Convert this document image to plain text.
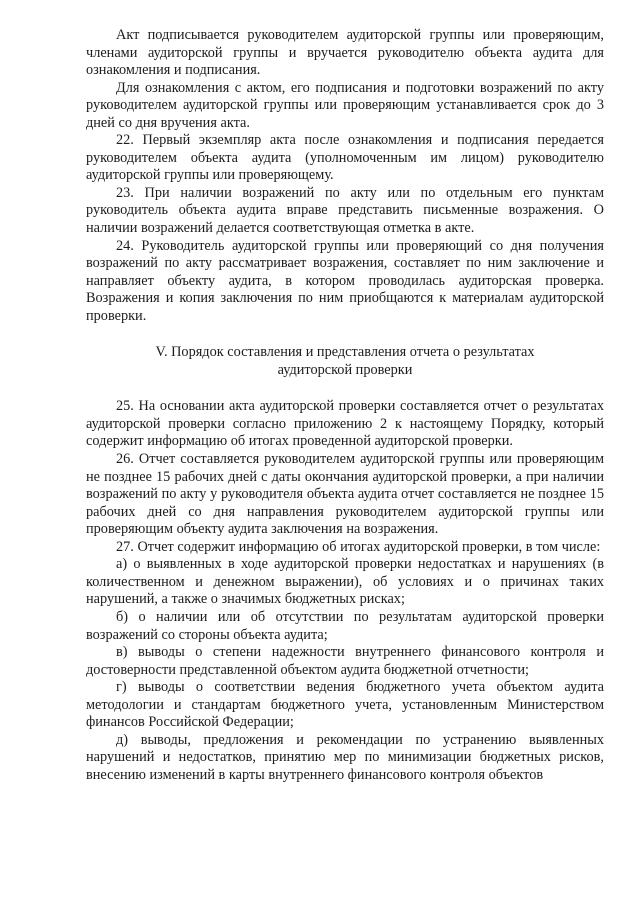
Акт подписывается руководителем аудиторской группы или проверяющим, членами аудиторской группы и вручается руководителю объекта аудита для ознакомления и подписания.

Для ознакомления с актом, его подписания и подготовки возражений по акту руководителем аудиторской группы или проверяющим устанавливается срок до 3 дней со дня вручения акта.

22. Первый экземпляр акта после ознакомления и подписания передается руководителем объекта аудита (уполномоченным им лицом) руководителю аудиторской группы или проверяющему.

23. При наличии возражений по акту или по отдельным его пунктам руководитель объекта аудита вправе представить письменные возражения. О наличии возражений делается соответствующая отметка в акте.

24. Руководитель аудиторской группы или проверяющий со дня получения возражений по акту рассматривает возражения, составляет по ним заключение и направляет объекту аудита, в котором проводилась аудиторская проверка. Возражения и копия заключения по ним приобщаются к материалам аудиторской проверки.

V. Порядок составления и представления отчета о результатах
аудиторской проверки

25. На основании акта аудиторской проверки составляется отчет о результатах аудиторской проверки согласно приложению 2 к настоящему Порядку, который содержит информацию об итогах проведенной аудиторской проверки.

26. Отчет составляется руководителем аудиторской группы или проверяющим не позднее 15 рабочих дней с даты окончания аудиторской проверки, а при наличии возражений по акту у руководителя объекта аудита отчет составляется не позднее 15 рабочих дней со дня направления руководителем аудиторской группы или проверяющим объекту аудита заключения на возражения.

27. Отчет содержит информацию об итогах аудиторской проверки, в том числе:

а) о выявленных в ходе аудиторской проверки недостатках и нарушениях (в количественном и денежном выражении), об условиях и о причинах таких нарушений, а также о значимых бюджетных рисках;

б) о наличии или об отсутствии по результатам аудиторской проверки возражений со стороны объекта аудита;

в) выводы о степени надежности внутреннего финансового контроля и достоверности представленной объектом аудита бюджетной отчетности;

г) выводы о соответствии ведения бюджетного учета объектом аудита методологии и стандартам бюджетного учета, установленным Министерством финансов Российской Федерации;

д) выводы, предложения и рекомендации по устранению выявленных нарушений и недостатков, принятию мер по минимизации бюджетных рисков, внесению изменений в карты внутреннего финансового контроля объектов
